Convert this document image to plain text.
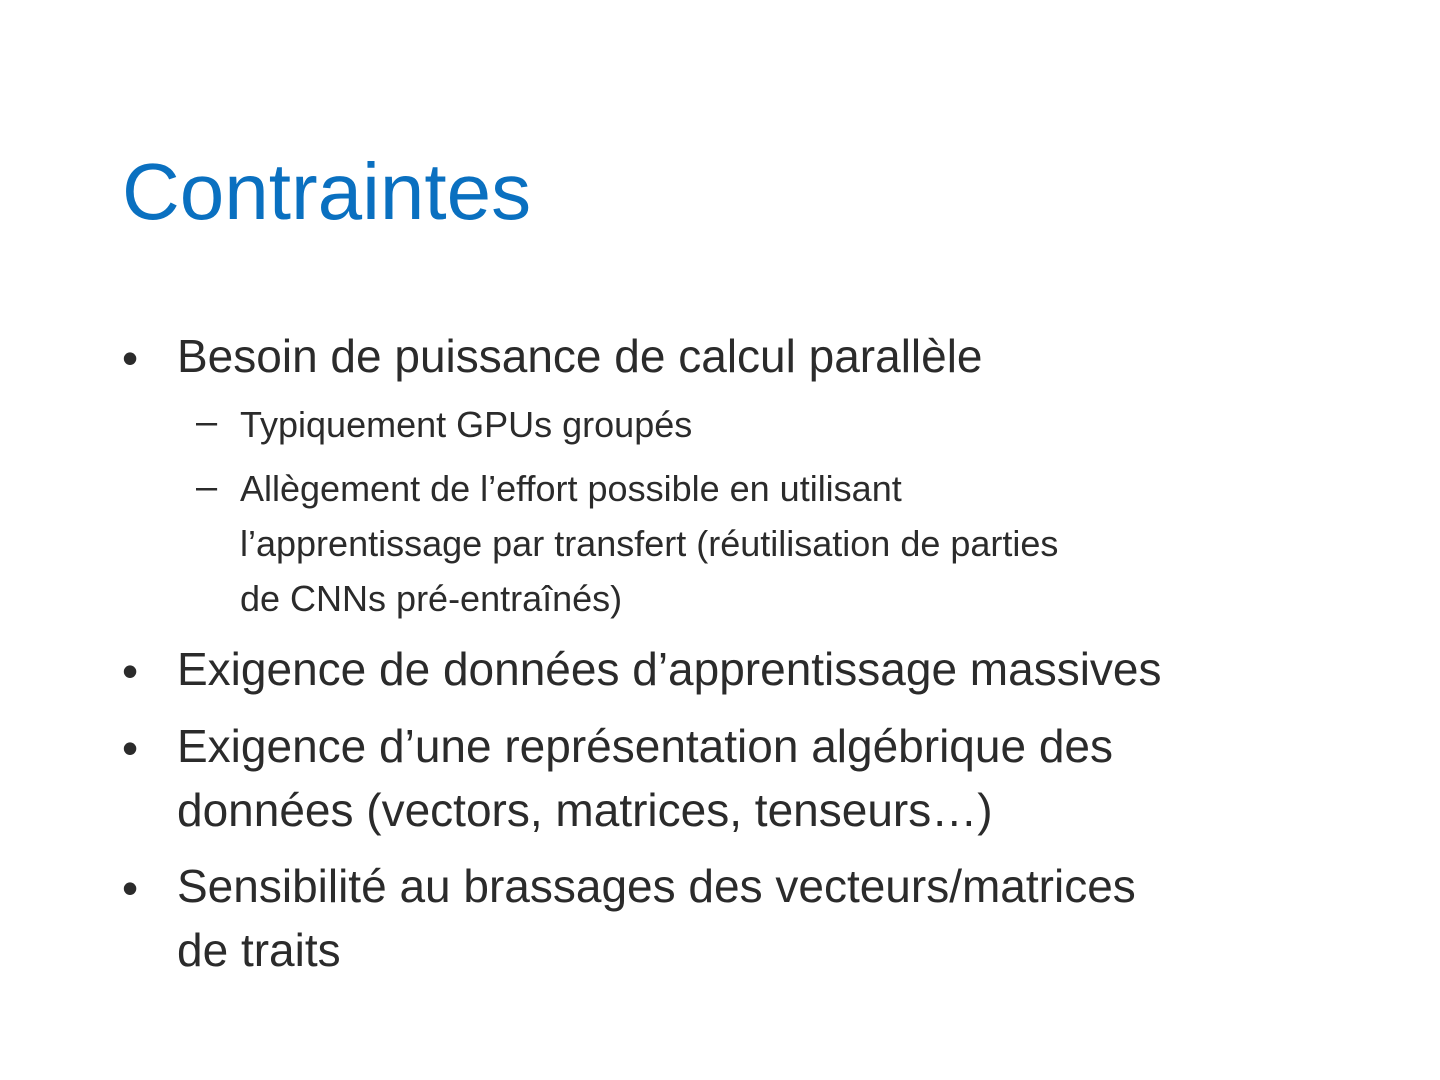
Contraintes
• Besoin de puissance de calcul parallèle
– Typiquement GPUs groupés
– Allègement de l’effort possible en utilisant
l’apprentissage par transfert (réutilisation de parties
de CNNs pré-entraînés)
• Exigence de données d’apprentissage massives
• Exigence d’une représentation algébrique des
données (vectors, matrices, tenseurs…)
• Sensibilité au brassages des vecteurs/matrices
de traits
